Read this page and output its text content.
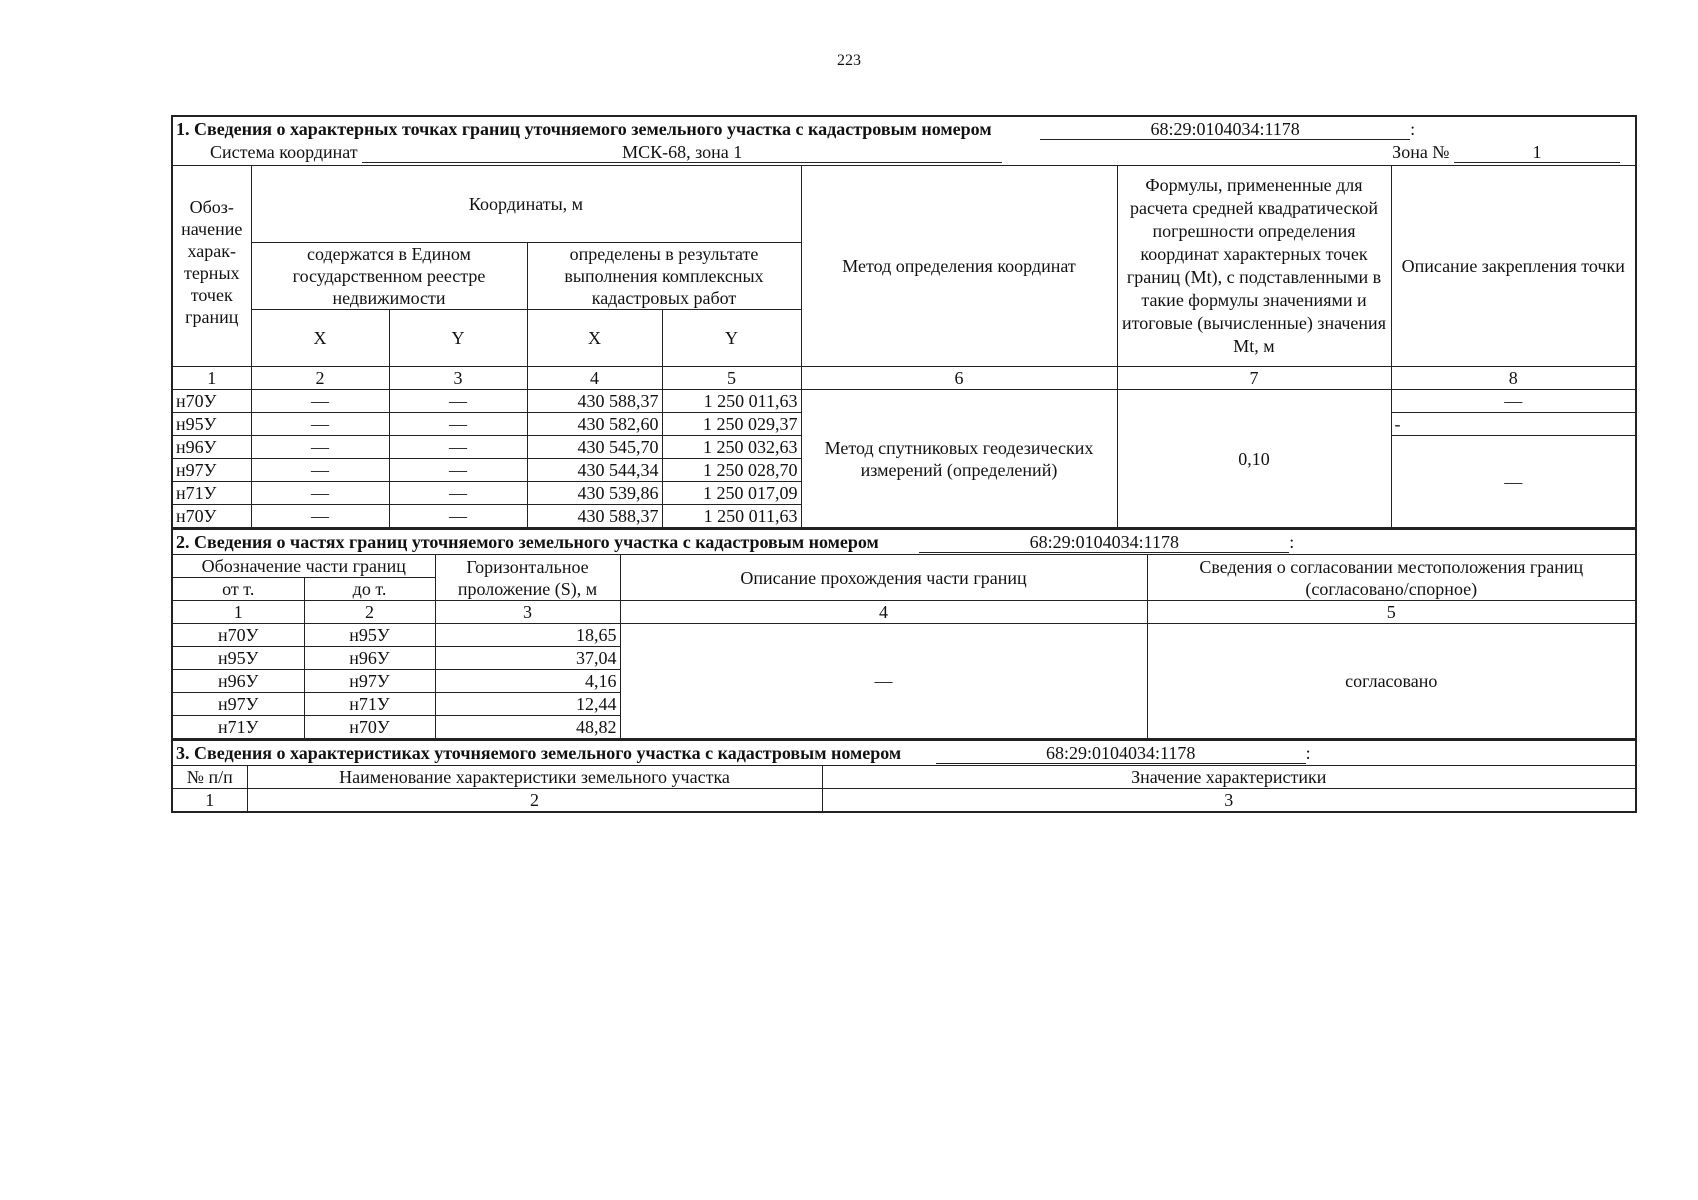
223
1. Сведения о характерных точках границ уточняемого земельного участка с кадастровым номером 68:29:0104034:1178 :							
Система координат МСК-68, зона 1 Зона № 1							

Обоз-начение харак-терных точек границ	Координаты, м				Метод определения координат	Формулы, примененные для расчета средней квадратической погрешности определения координат характерных точек границ (Mt), с подставленными в такие формулы значениями и итоговые (вычисленные) значения Mt, м	Описание закрепления точки
	содержатся в Едином государственном реестре недвижимости		определены в результате выполнения комплексных кадастровых работ				
	X	Y	X	Y			
1	2	3	4	5	6	7	8
н70У	—	—	430 588,37	1 250 011,63	Метод спутниковых геодезических измерений (определений)	0,10	—
н95У	—	—	430 582,60	1 250 029,37			-
н96У	—	—	430 545,70	1 250 032,63			—
н97У	—	—	430 544,34	1 250 028,70			
н71У	—	—	430 539,86	1 250 017,09			
н70У	—	—	430 588,37	1 250 011,63			
2. Сведения о частях границ уточняемого земельного участка с кадастровым номером 68:29:0104034:1178 :				
Обозначение части границ		Горизонтальное проложение (S), м	Описание прохождения части границ	Сведения о согласовании местоположения границ (согласовано/спорное)
от т.	до т.			
1	2	3	4	5
н70У	н95У	18,65	—	согласовано
н95У	н96У	37,04		
н96У	н97У	4,16		
н97У	н71У	12,44		
н71У	н70У	48,82		
3. Сведения о характеристиках уточняемого земельного участка с кадастровым номером 68:29:0104034:1178 :		
№ п/п	Наименование характеристики земельного участка	Значение характеристики
1	2	3
